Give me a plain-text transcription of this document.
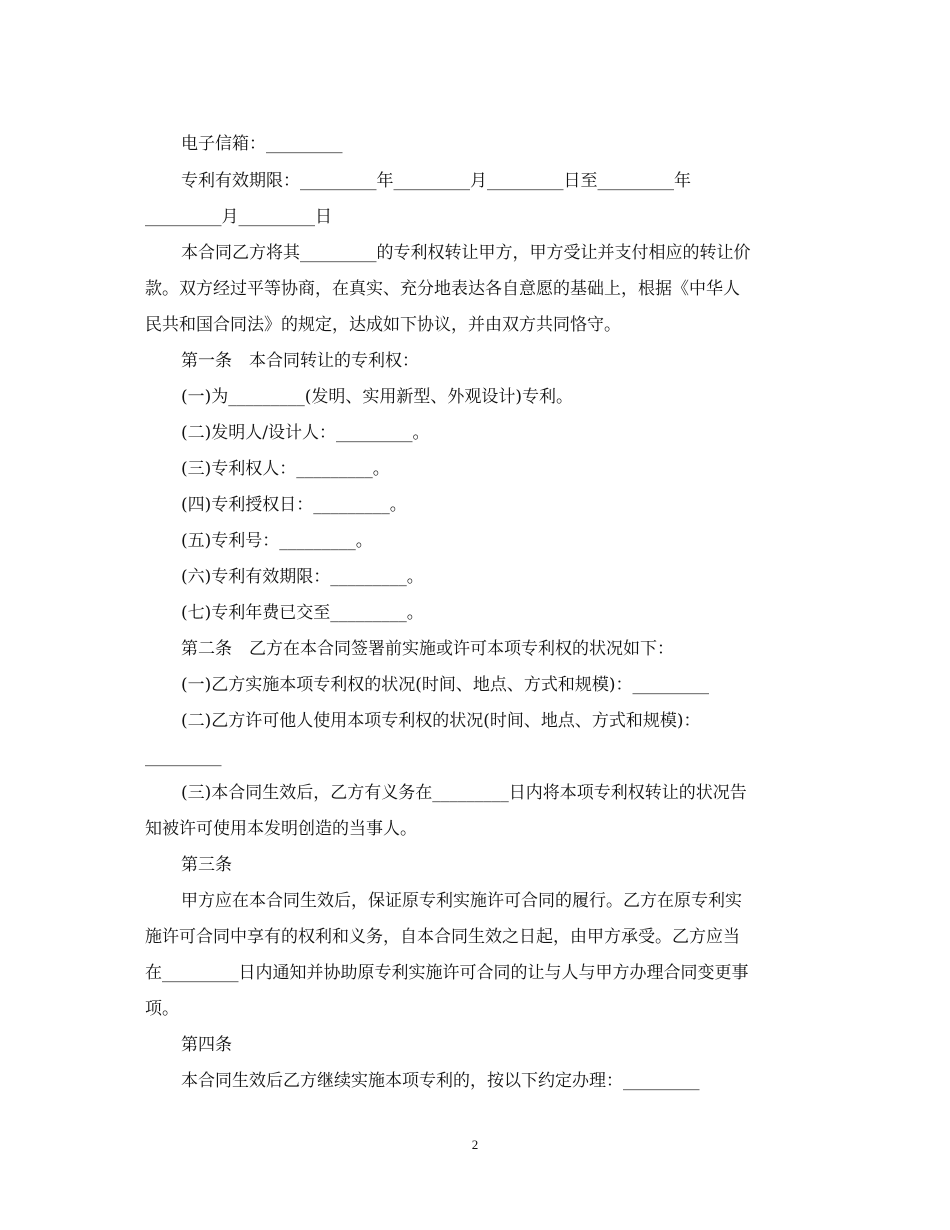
电子信箱：_________
专利有效期限：_________年_________月_________日至_________年
_________月_________日
本合同乙方将其_________的专利权转让甲方，甲方受让并支付相应的转让价
款。双方经过平等协商，在真实、充分地表达各自意愿的基础上，根据《中华人
民共和国合同法》的规定，达成如下协议，并由双方共同恪守。
第一条　本合同转让的专利权：
(一)为_________(发明、实用新型、外观设计)专利。
(二)发明人/设计人：_________。
(三)专利权人：_________。
(四)专利授权日：_________。
(五)专利号：_________。
(六)专利有效期限：_________。
(七)专利年费已交至_________。
第二条　乙方在本合同签署前实施或许可本项专利权的状况如下：
(一)乙方实施本项专利权的状况(时间、地点、方式和规模)：_________
(二)乙方许可他人使用本项专利权的状况(时间、地点、方式和规模)：
_________
(三)本合同生效后，乙方有义务在_________日内将本项专利权转让的状况告
知被许可使用本发明创造的当事人。
第三条
甲方应在本合同生效后，保证原专利实施许可合同的履行。乙方在原专利实
施许可合同中享有的权利和义务，自本合同生效之日起，由甲方承受。乙方应当
在_________日内通知并协助原专利实施许可合同的让与人与甲方办理合同变更事
项。
第四条
本合同生效后乙方继续实施本项专利的，按以下约定办理：_________
2
